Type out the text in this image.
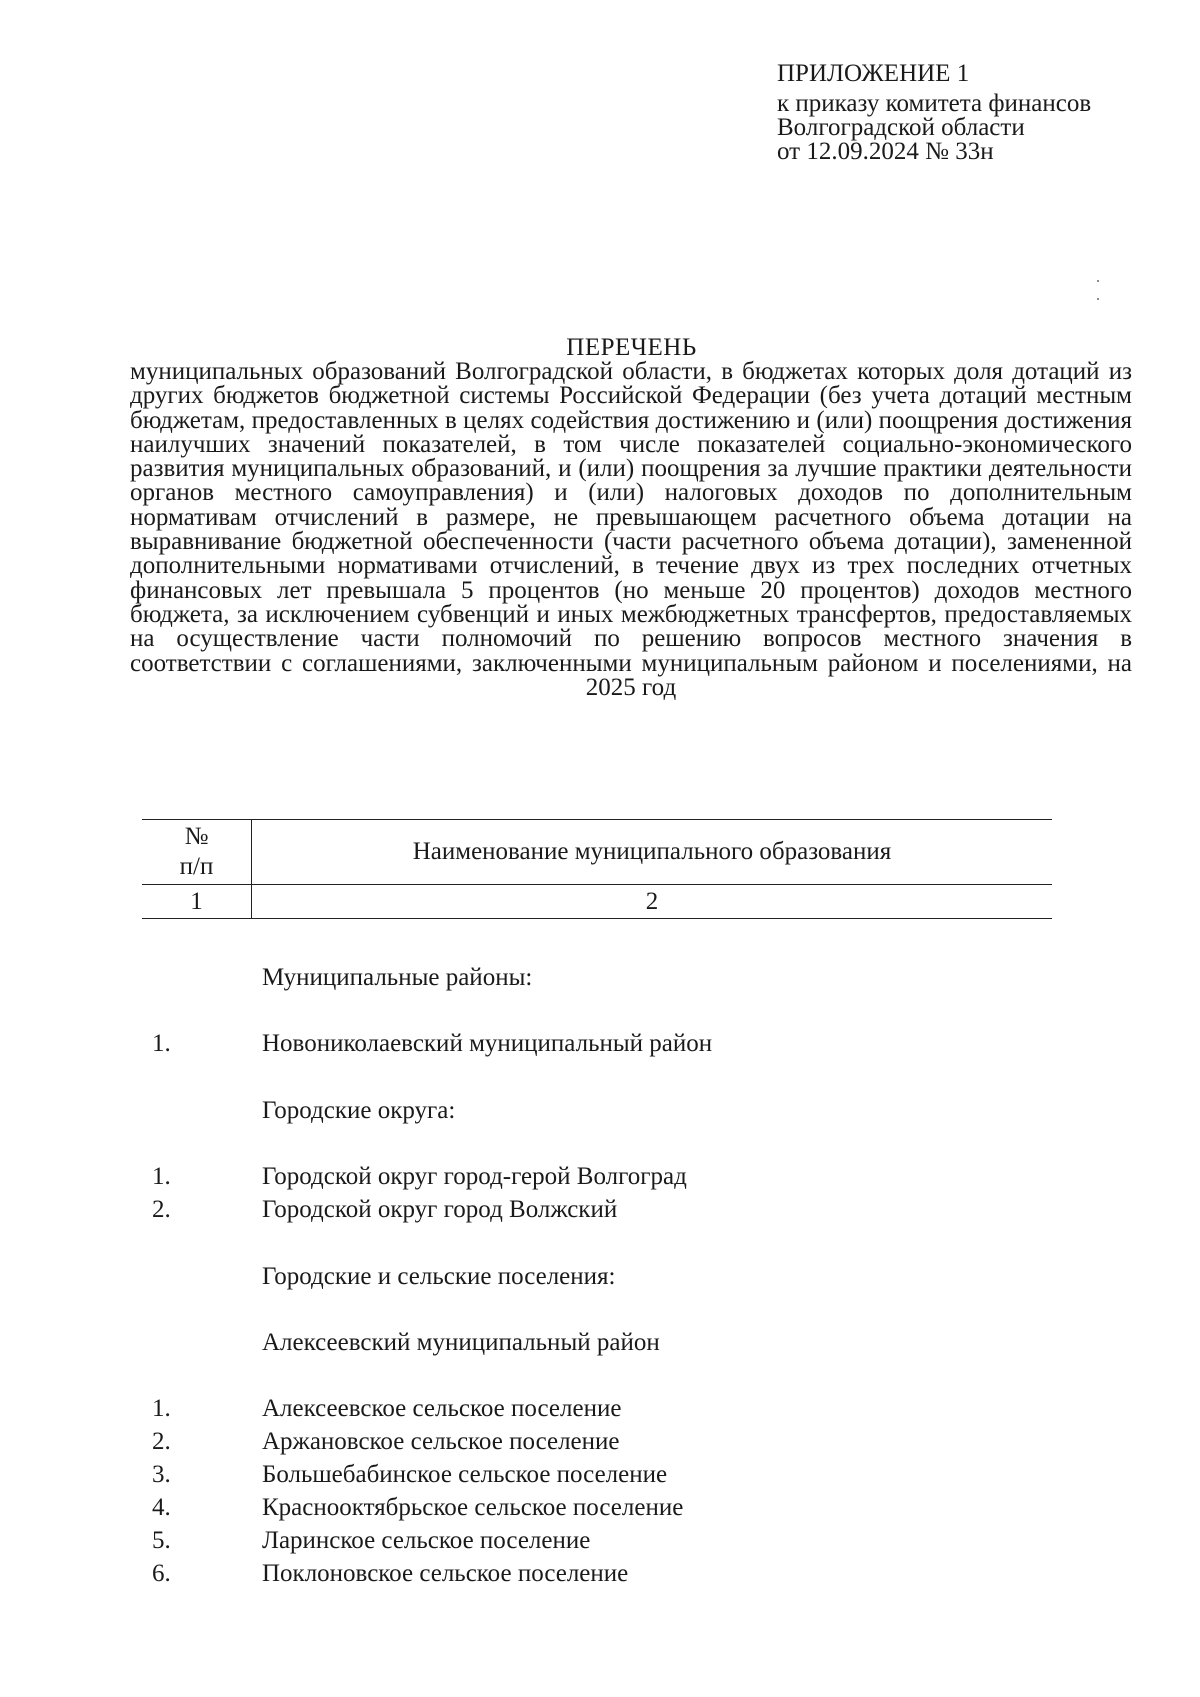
ПРИЛОЖЕНИЕ 1
к приказу комитета финансов
Волгоградской области
от 12.09.2024 № 33н
ПЕРЕЧЕНЬ

муниципальных образований Волгоградской области, в бюджетах которых доля дотаций из других бюджетов бюджетной системы Российской Федерации (без учета дотаций местным бюджетам, предоставленных в целях содействия достижению и (или) поощрения достижения наилучших значений показателей, в том числе показателей социально-экономического развития муниципальных образований, и (или) поощрения за лучшие практики деятельности органов местного самоуправления) и (или) налоговых доходов по дополнительным нормативам отчислений в размере, не превышающем расчетного объема дотации на выравнивание бюджетной обеспеченности (части расчетного объема дотации), замененной дополнительными нормативами отчислений, в течение двух из трех последних отчетных финансовых лет превышала 5 процентов (но меньше 20 процентов) доходов местного бюджета, за исключением субвенций и иных межбюджетных трансфертов, предоставляемых на осуществление части полномочий по решению вопросов местного значения в соответствии с соглашениями, заключенными муниципальным районом и поселениями, на 2025 год

№
п/п	Наименование муниципального образования
1	2
Муниципальные районы:
1.	Новониколаевский муниципальный район
Городские округа:
1.	Городской округ город-герой Волгоград
2.	Городской округ город Волжский
Городские и сельские поселения:
Алексеевский муниципальный район
1.	Алексеевское сельское поселение
2.	Аржановское сельское поселение
3.	Большебабинское сельское поселение
4.	Краснооктябрьское сельское поселение
5.	Ларинское сельское поселение
6.	Поклоновское сельское поселение
